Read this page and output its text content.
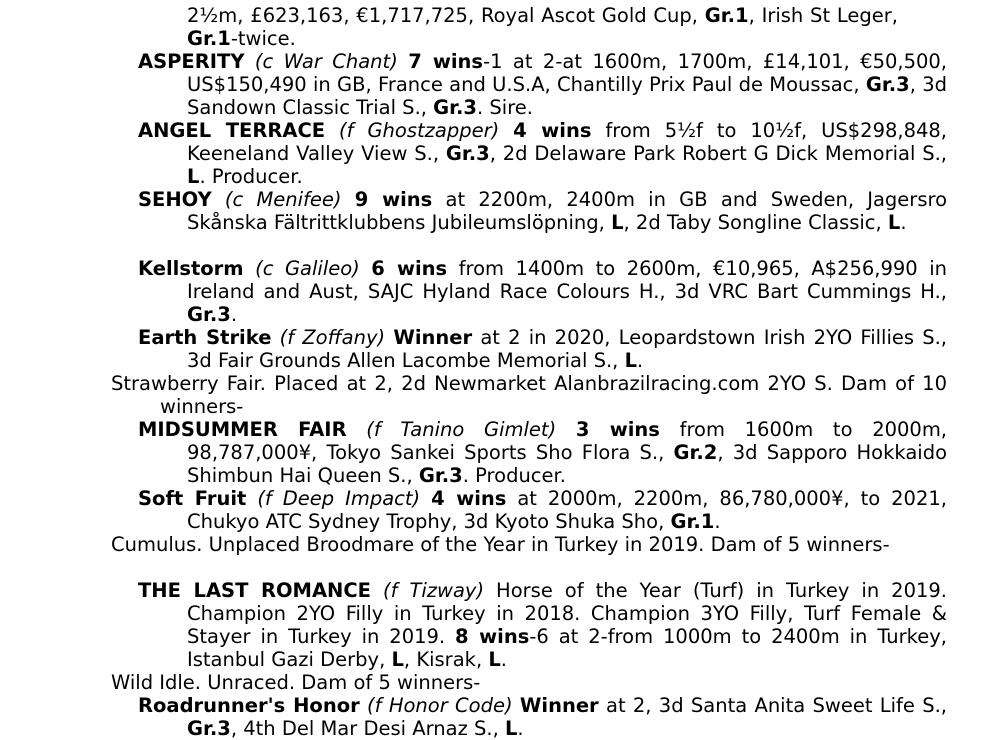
2½m, £623,163, €1,717,725, Royal Ascot Gold Cup, Gr.1, Irish St Leger, Gr.1-twice.
ASPERITY (c War Chant) 7 wins-1 at 2-at 1600m, 1700m, £14,101, €50,500, US$150,490 in GB, France and U.S.A, Chantilly Prix Paul de Moussac, Gr.3, 3d Sandown Classic Trial S., Gr.3. Sire.
ANGEL TERRACE (f Ghostzapper) 4 wins from 5½f to 10½f, US$298,848, Keeneland Valley View S., Gr.3, 2d Delaware Park Robert G Dick Memorial S., L. Producer.
SEHOY (c Menifee) 9 wins at 2200m, 2400m in GB and Sweden, Jagersro Skånska Fältrittklubbens Jubileumslöpning, L, 2d Taby Songline Classic, L.
Kellstorm (c Galileo) 6 wins from 1400m to 2600m, €10,965, A$256,990 in Ireland and Aust, SAJC Hyland Race Colours H., 3d VRC Bart Cummings H., Gr.3.
Earth Strike (f Zoffany) Winner at 2 in 2020, Leopardstown Irish 2YO Fillies S., 3d Fair Grounds Allen Lacombe Memorial S., L.
Strawberry Fair. Placed at 2, 2d Newmarket Alanbrazilracing.com 2YO S. Dam of 10 winners-
MIDSUMMER FAIR (f Tanino Gimlet) 3 wins from 1600m to 2000m, 98,787,000¥, Tokyo Sankei Sports Sho Flora S., Gr.2, 3d Sapporo Hokkaido Shimbun Hai Queen S., Gr.3. Producer.
Soft Fruit (f Deep Impact) 4 wins at 2000m, 2200m, 86,780,000¥, to 2021, Chukyo ATC Sydney Trophy, 3d Kyoto Shuka Sho, Gr.1.
Cumulus. Unplaced Broodmare of the Year in Turkey in 2019. Dam of 5 winners-
THE LAST ROMANCE (f Tizway) Horse of the Year (Turf) in Turkey in 2019. Champion 2YO Filly in Turkey in 2018. Champion 3YO Filly, Turf Female & Stayer in Turkey in 2019. 8 wins-6 at 2-from 1000m to 2400m in Turkey, Istanbul Gazi Derby, L, Kisrak, L.
Wild Idle. Unraced. Dam of 5 winners-
Roadrunner's Honor (f Honor Code) Winner at 2, 3d Santa Anita Sweet Life S., Gr.3, 4th Del Mar Desi Arnaz S., L.
